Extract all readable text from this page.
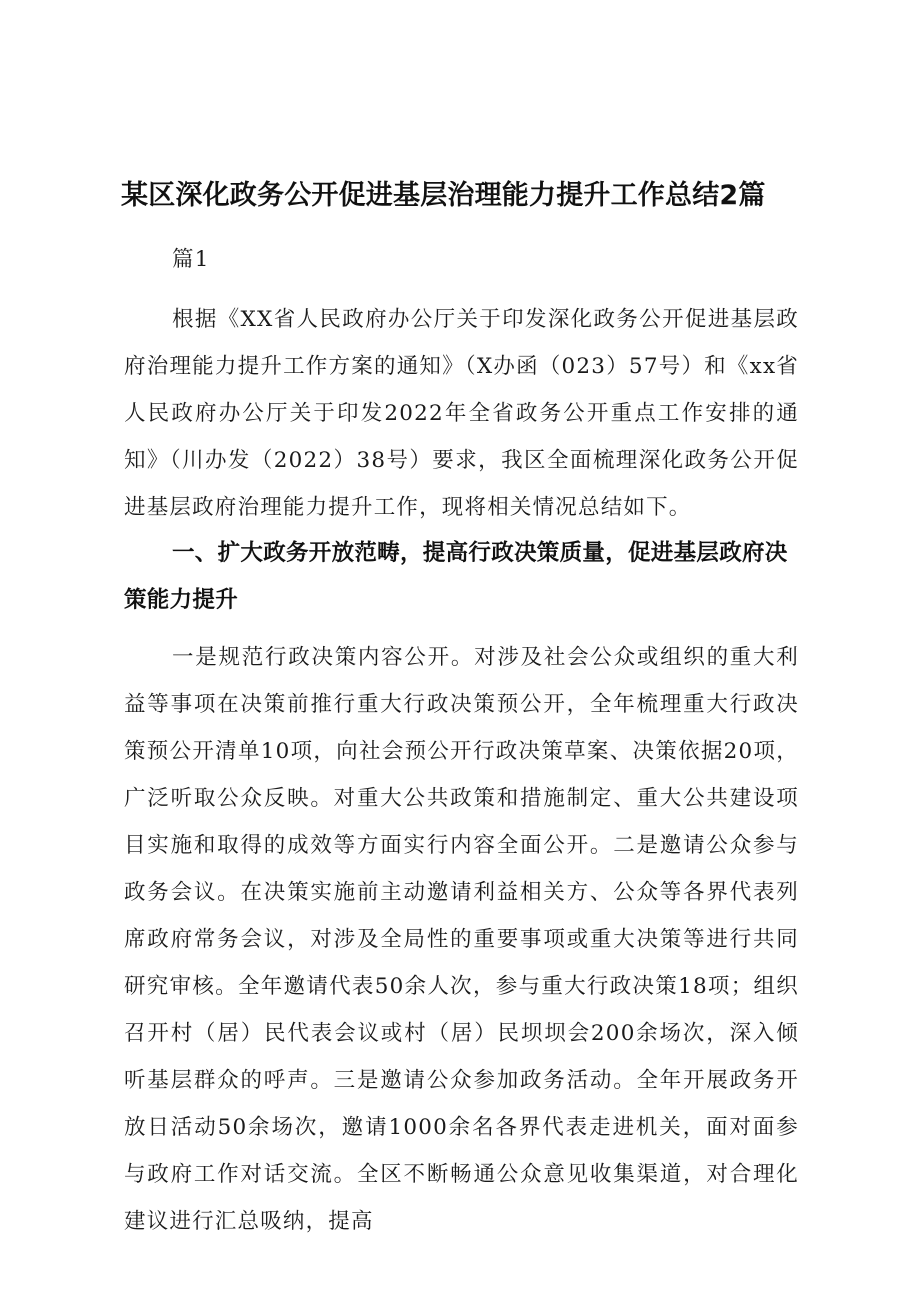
某区深化政务公开促进基层治理能力提升工作总结2篇
篇1
根据《XX省人民政府办公厅关于印发深化政务公开促进基层政府治理能力提升工作方案的通知》（X办函（023）57号）和《xx省人民政府办公厅关于印发2022年全省政务公开重点工作安排的通知》（川办发（2022）38号）要求，我区全面梳理深化政务公开促进基层政府治理能力提升工作，现将相关情况总结如下。
一、扩大政务开放范畴，提高行政决策质量，促进基层政府决策能力提升
一是规范行政决策内容公开。对涉及社会公众或组织的重大利益等事项在决策前推行重大行政决策预公开，全年梳理重大行政决策预公开清单10项，向社会预公开行政决策草案、决策依据20项，广泛听取公众反映。对重大公共政策和措施制定、重大公共建设项目实施和取得的成效等方面实行内容全面公开。二是邀请公众参与政务会议。在决策实施前主动邀请利益相关方、公众等各界代表列席政府常务会议，对涉及全局性的重要事项或重大决策等进行共同研究审核。全年邀请代表50余人次，参与重大行政决策18项；组织召开村（居）民代表会议或村（居）民坝坝会200余场次，深入倾听基层群众的呼声。三是邀请公众参加政务活动。全年开展政务开放日活动50余场次，邀请1000余名各界代表走进机关，面对面参与政府工作对话交流。全区不断畅通公众意见收集渠道，对合理化建议进行汇总吸纳，提高
